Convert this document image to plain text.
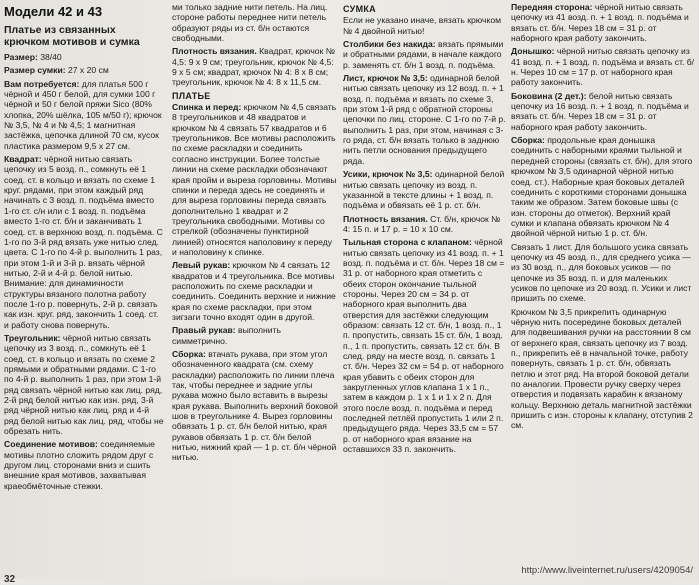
Модели 42 и 43
Платье из связанных крючком мотивов и сумка
Размер: 38/40
Размер сумки: 27 x 20 см
Вам потребуется: для платья 500 г чёрной и 450 г белой, для сумки 100 г чёрной и 50 г белой пряжи Sico (80% хлопка, 20% шёлка, 105 м/50 г); крючок № 3,5, № 4 и № 4,5; 1 магнитная застёжка, цепочка длиной 70 см, кусок пластика размером 9,5 x 27 см.
Квадрат: чёрной нитью связать цепочку из 5 возд. п., сомкнуть её 1 соед. ст. в кольцо и вязать по схеме 1 круг. рядами, при этом каждый ряд начинать с 3 возд. п. подъёма вместо 1-го ст. с/н или с 1 возд. п. подъёма вместо 1-го ст. б/н и заканчивать 1 соед. ст. в верхнюю возд. п. подъёма. С 1-го по 3-й ряд вязать уже нитью след. цвета. С 1-го по 4-й р. выполнить 1 раз, при этом 1-й и 3-й р. вязать чёрной нитью, 2-й и 4-й р. белой нитью. Внимание: для динамичности структуры вязаного полотна работу после 1-го р. повернуть, 2-й р. связать как изн. круг. ряд, закончить 1 соед. ст. и работу снова повернуть.
Треугольник: чёрной нитью связать цепочку из 3 возд. п., сомкнуть её 1 соед. ст. в кольцо и вязать по схеме 2 прямыми и обратными рядами. С 1-го по 4-й р. выполнить 1 раз, при этом 1-й ряд связать чёрной нитью как лиц. ряд, 2-й ряд белой нитью как изн. ряд, 3-й ряд чёрной нитью как лиц. ряд и 4-й ряд белой нитью как лиц. ряд, чтобы не обрезать нить.
Соединение мотивов: соединяемые мотивы плотно сложить рядом друг с другом лиц. сторонами вниз и сшить внешние края мотивов, захватывая краеобмёточные стежки.
ми только задние нити петель. На лиц. стороне работы переднее нити петель образуют ряды из ст. б/н остаются свободными.
Плотность вязания. Квадрат, крючок № 4,5: 9 x 9 см; треугольник, крючок № 4,5: 9 x 5 см; квадрат, крючок № 4: 8 x 8 см; треугольник, крючок № 4: 8 x 11,5 см.
ПЛАТЬЕ
Спинка и перед: крючком № 4,5 связать 8 треугольников и 48 квадратов и крючком № 4 связать 57 квадратов и 6 треугольников. Все мотивы расположить по схеме раскладки и соединить согласно инструкции. Более толстые линии на схеме раскладки обозначают края пройм и выреза горловины. Мотивы спинки и переда здесь не соединять и для выреза горловины переда связать дополнительно 1 квадрат и 2 треугольника свободными. Мотивы со стрелкой (обозначены пунктирной линией) относятся наполовину к переду и наполовину к спинке.
Левый рукав: крючком № 4 связать 12 квадратов и 4 треугольника. Все мотивы расположить по схеме раскладки и соединить. Соединить верхние и нижние края по схеме раскладки, при этом зигзаги точно входят один в другой.
Правый рукав: выполнить симметрично.
Сборка: втачать рукава, при этом угол обозначенного квадрата (см. схему раскладки) расположить по линии плеча так, чтобы переднее и задние углы рукава можно было вставить в вырезы края рукава. Выполнить верхний боковой шов в треугольнике 4. Вырез горловины обвязать 1 р. ст. б/н белой нитью, края рукавов обвязать 1 р. ст. б/н белой нитью, нижний край — 1 р. ст. б/н чёрной нитью.
СУМКА
Если не указано иначе, вязать крючком № 4 двойной нитью!
Столбики без накида: вязать прямыми и обратными рядами, в начале каждого р. заменять ст. б/н 1 возд. п. подъёма.
Лист, крючок № 3,5: одинарной белой нитью связать цепочку из 12 возд. п. + 1 возд. п. подъёма и вязать по схеме 3, при этом 1-й ряд с обратной стороны цепочки по лиц. стороне. С 1-го по 7-й р. выполнить 1 раз, при этом, начиная с 3-го ряда, ст. б/н вязать только в заднюю нить петли основания предыдущего ряда.
Усики, крючок № 3,5: одинарной белой нитью связать цепочку из возд. п. указанной в тексте длины + 1 возд. п. подъёма и обвязать её 1 р. ст. б/н.
Плотность вязания. Ст. б/н, крючок № 4: 15 п. и 17 р. = 10 x 10 см.
Тыльная сторона с клапаном: чёрной нитью связать цепочку из 41 возд. п. + 1 возд. п. подъёма и ст. б/н. Через 18 см = 31 р. от наборного края отметить с обеих сторон окончание тыльной стороны. Через 20 см = 34 р. от наборного края выполнить два отверстия для застёжки следующим образом: связать 12 ст. б/н, 1 возд. п., 1 п. пропустить, связать 15 ст. б/н, 1 возд. п., 1 п. пропустить, связать 12 ст. б/н. В след. ряду на месте возд. п. связать 1 ст. б/н. Через 32 см = 54 р. от наборного края убавить с обеих сторон для закругленных углов клапана 1 x 1 п., затем в каждом р. 1 x 1 и 1 x 2 п. Для этого после возд. п. подъёма и перед последней петлёй пропустить 1 или 2 п. предыдущего ряда. Через 33,5 см = 57 р. от наборного края вязание на оставшихся 33 п. закончить.
Передняя сторона: чёрной нитью связать цепочку из 41 возд. п. + 1 возд. п. подъёма и вязать ст. б/н. Через 18 см = 31 р. от наборного края работу закончить.
Донышко: чёрной нитью связать цепочку из 41 возд. п. + 1 возд. п. подъёма и вязать ст. б/н. Через 10 см = 17 р. от наборного края работу закончить.
Боковина (2 дет.): белой нитью связать цепочку из 16 возд. п. + 1 возд. п. подъёма и вязать ст. б/н. Через 18 см = 31 р. от наборного края работу закончить.
Сборка: продольные края донышка соединить с наборными краями тыльной и передней стороны (связать ст. б/н), для этого крючком № 3,5 одинарной чёрной нитью соед. ст.). Наборные края боковых деталей соединить с короткими сторонами донышка таким же образом. Затем боковые швы (с изн. стороны до отметок). Верхний край сумки и клапана обвязать крючком № 4 двойной чёрной нитью 1 р. ст. б/н.
Связать 1 лист. Для большого усика связать цепочку из 45 возд. п., для среднего усика — из 30 возд. п., для боковых усиков — по цепочке из 35 возд. п. и для маленьких усиков по цепочке из 20 возд. п. Усики и лист пришить по схеме.
Крючком № 3,5 прикрепить одинарную чёрную нить посередине боковых деталей для подвешивания ручки на расстоянии 8 см от верхнего края, связать цепочку из 7 возд. п., прикрепить её в начальной точке, работу повернуть, связать 1 р. ст. б/н, обвязать петлю и этот ряд. На второй боковой детали по аналогии. Провести ручку сверху через отверстия и подвязать карабин к вязаному кольцу. Верхнюю деталь магнитной застёжки пришить с изн. стороны к клапану, отступив 2 см.
32
http://www.liveinternet.ru/users/4209054/
